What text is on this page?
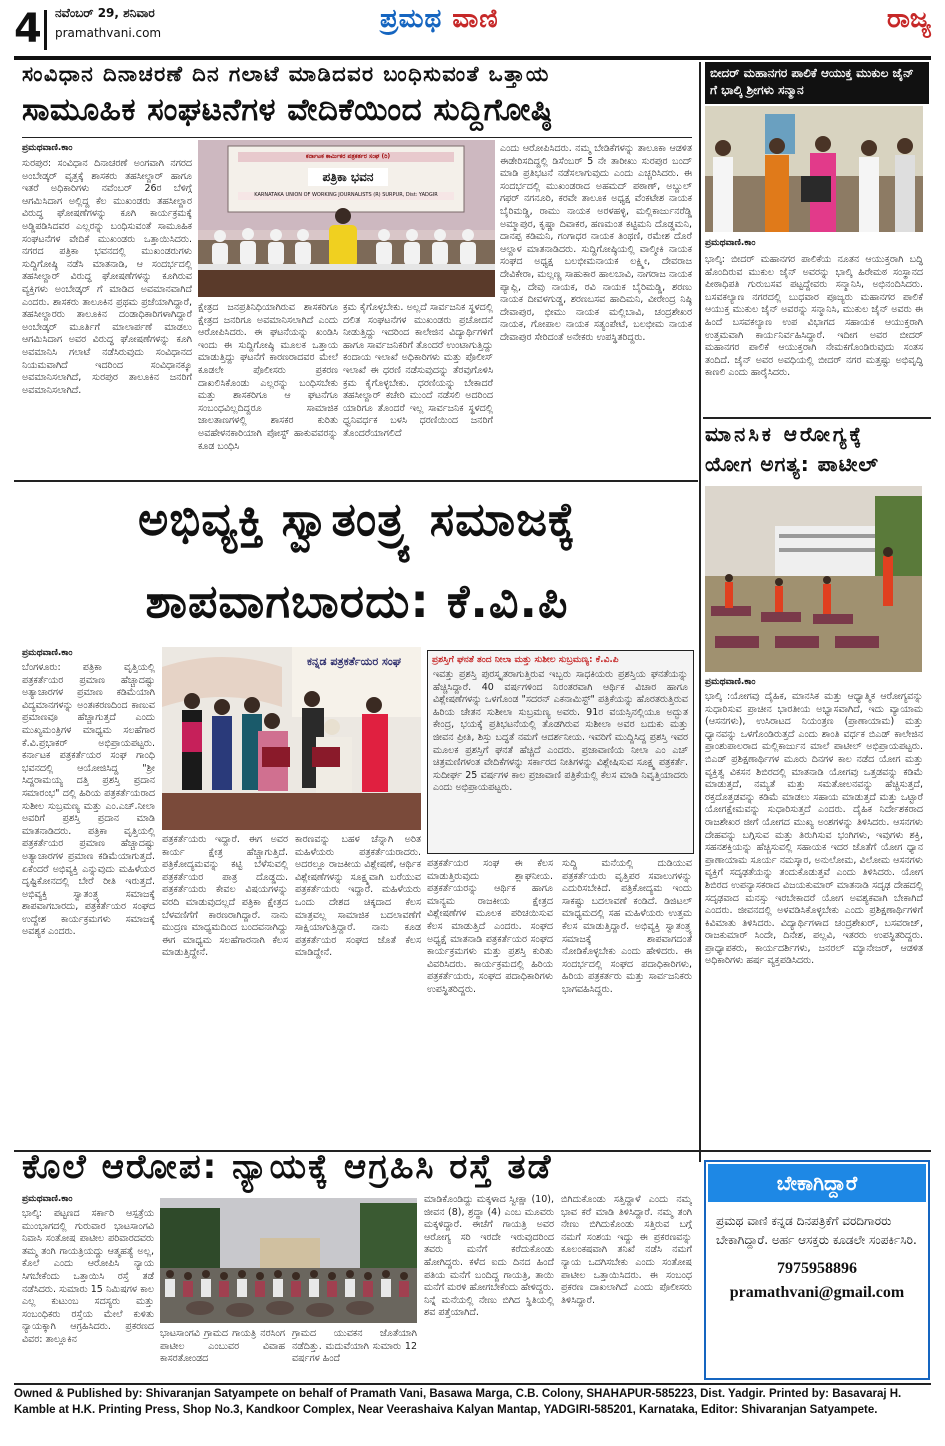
4 ನವೆಂಬರ್ 29, ಶನಿವಾರ
pramathvani.com	ಪ್ರಮಥ ವಾಣಿ	ರಾಜ್ಯ
ಸಂವಿಧಾನ ದಿನಾಚರಣೆ ದಿನ ಗಲಾಟೆ ಮಾಡಿದವರ ಬಂಧಿಸುವಂತೆ ಒತ್ತಾಯ
ಸಾಮೂಹಿಕ ಸಂಘಟನೆಗಳ ವೇದಿಕೆಯಿಂದ ಸುದ್ದಿಗೋಷ್ಠಿ
ಪ್ರಮಥವಾಣಿ.ಕಾಂ
ಕರ್ನಾಟಕ ಕಾರ್ಮಿಕರ ಪತ್ರಕರ್ತರ ಸಂಘ (ರಿ)
ಪತ್ರಿಕಾ ಭವನ
KARNATAKA UNION OF WORKING JOURNALISTS (R) SURPUR, Dist: YADGIR
ಸುರಪುರ: ಸಂವಿಧಾನ ದಿನಾಚರಣೆ ಅಂಗವಾಗಿ ನಗರದ ಅಂಬೇಡ್ಕರ್ ವೃತ್ತಕ್ಕೆ ಶಾಸಕರು ತಹಸೀಲ್ದಾರ್ ಹಾಗೂ ಇತರೆ ಅಧಿಕಾರಿಗಳು ನವೆಂಬರ್ 26ರ ಬೆಳಿಗ್ಗೆ ಆಗಮಿಸಿದಾಗ ಅಲ್ಲಿದ್ದ ಕೆಲ ಮುಖಂಡರು ತಹಸೀಲ್ದಾರ ವಿರುದ್ಧ ಘೋಷಣೆಗಳನ್ನು ಕೂಗಿ ಕಾರ್ಯಕ್ರಮಕ್ಕೆ ಅಡ್ಡಿಪಡಿಸಿದವರ ಎಲ್ಲರನ್ನು ಬಂಧಿಸುವಂತೆ ಸಾಮೂಹಿಕ ಸಂಘಟನೆಗಳ ವೇದಿಕೆ ಮುಖಂಡರು ಒತ್ತಾಯಿಸಿದರು. ನಗರದ ಪತ್ರಿಕಾ ಭವನದಲ್ಲಿ ಮುಖಂಡರುಗಳು ಸುದ್ದಿಗೋಷ್ಠಿ ನಡೆಸಿ ಮಾತನಾಡಿ, ಆ ಸಂದರ್ಭದಲ್ಲಿ ತಹಸೀಲ್ದಾರ್ ವಿರುದ್ಧ ಘೋಷಣೆಗಳನ್ನು ಕೂಗಿರುವ ವ್ಯಕ್ತಿಗಳು ಅಂಬೇಡ್ಕರ್‌ ಗೆ ಮಾಡಿದ ಅವಮಾನವಾಗಿದೆ ಎಂದರು. ಶಾಸಕರು ತಾಲೂಕಿನ ಪ್ರಥಮ ಪ್ರಜೆಯಾಗಿದ್ದಾರೆ, ತಹಸೀಲ್ದಾರರು ತಾಲೂಕಿನ ದಂಡಾಧಿಕಾರಿಗಳಾಗಿದ್ದಾರೆ ಅಂಬೇಡ್ಕರ್ ಮೂರ್ತಿಗೆ ಮಾಲಾರ್ಪಣೆ ಮಾಡಲು ಆಗಮಿಸಿದಾಗ ಅವರ ವಿರುದ್ಧ ಘೋಷಣೆಗಳನ್ನು ಕೂಗಿ ಅವಮಾನಿಸಿ ಗಲಾಟೆ ನಡೆಸಿರುವುದು ಸಂವಿಧಾನದ ನಿಯಮವಾಗಿದೆ ಇದರಿಂದ ಸಂವಿಧಾನಕ್ಕೂ ಅವಮಾನಿಸಲಾಗಿದೆ, ಸುರಪುರ ತಾಲೂಕಿನ ಜನರಿಗೆ ಅವಮಾನಿಸಲಾಗಿದೆ.
ಕ್ಷೇತ್ರದ ಜನಪ್ರತಿನಿಧಿಯಾಗಿರುವ ಶಾಸಕರಿಗೂ ಕ್ಷೇತ್ರದ ಜನರಿಗೂ ಅವಮಾನಿಸಲಾಗಿದೆ ಎಂದು ಆರೋಪಿಸಿದರು. ಈ ಘಟನೆಯನ್ನು ಖಂಡಿಸಿ ಇಂದು ಈ ಸುದ್ದಿಗೋಷ್ಠಿ ಮೂಲಕ ಒತ್ತಾಯ ಮಾಡುತ್ತಿದ್ದು ಘಟನೆಗೆ ಕಾರಣರಾದವರ ಮೇಲೆ ಕೂಡಲೇ ಪೊಲೀಸರು ಪ್ರಕರಣ ದಾಖಲಿಸಿಕೊಂಡು ಎಲ್ಲರನ್ನು ಬಂಧಿಸಬೇಕು ಮತ್ತು ಶಾಸಕರಿಗೂ ಆ ಘಟನೆಗೂ ಸಂಬಂಧವಿಲ್ಲದಿದ್ದರೂ ಸಾಮಾಜಿಕ ಜಾಲತಾಣಗಳಲ್ಲಿ ಶಾಸಕರ ಕುರಿತು ಅವಹೇಳನಕಾರಿಯಾಗಿ ಪೋಸ್ಟ್ ಹಾಕುವವರನ್ನು ಕೂಡ ಬಂಧಿಸಿ
ಕ್ರಮ ಕೈಗೊಳ್ಳಬೇಕು. ಅಲ್ಲದೆ ಸಾರ್ವಜನಿಕ ಸ್ಥಳದಲ್ಲಿ ದಲಿತ ಸಂಘಟನೆಗಳ ಮುಖಂಡರು ಪ್ರಚೋದನೆ ನೀಡುತ್ತಿದ್ದು ಇದರಿಂದ ಕಾಲೇಜಿನ ವಿದ್ಯಾರ್ಥಿಗಳಿಗೆ ಹಾಗೂ ಸಾರ್ವಜನಿಕರಿಗೆ ತೊಂದರೆ ಉಂಟಾಗುತ್ತಿದ್ದು ಕಂದಾಯ ಇಲಾಖೆ ಅಧಿಕಾರಿಗಳು ಮತ್ತು ಪೊಲೀಸ್ ಇಲಾಖೆ ಈ ಧರಣಿ ನಡೆಸುವುದನ್ನು ತೆರವುಗೊಳಿಸಿ ಕ್ರಮ ಕೈಗೊಳ್ಳಬೇಕು. ಧರಣಿಯನ್ನು ಬೇಕಾದರೆ ತಹಸೀಲ್ದಾರ್ ಕಚೇರಿ ಮುಂದೆ ನಡೆಸಲಿ ಅದರಿಂದ ಯಾರಿಗೂ ತೊಂದರೆ ಇಲ್ಲ ಸಾರ್ವಜನಿಕ ಸ್ಥಳದಲ್ಲಿ ಧ್ವನಿವರ್ಧಕ ಬಳಸಿ ಧರಣಿಯಿಂದ ಜನರಿಗೆ ತೊಂದರೆಯಾಗಲಿದೆ
ಎಂದು ಆರೋಪಿಸಿದರು. ನಮ್ಮ ಬೇಡಿಕೆಗಳನ್ನು ತಾಲೂಕಾ ಆಡಳಿತ ಈಡೇರಿಸದಿದ್ದಲ್ಲಿ ಡಿಸೆಂಬರ್ 5 ನೇ ತಾರೀಖು ಸುರಪುರ ಬಂದ್ ಮಾಡಿ ಪ್ರತಿಭಟನೆ ನಡೆಸಲಾಗುವುದು ಎಂದು ಎಚ್ಚರಿಸಿದರು. ಈ ಸಂದರ್ಭದಲ್ಲಿ ಮುಖಂಡರಾದ ಅಹಮದ್ ಪಠಾಣ್, ಅಬ್ದುಲ್ ಗಫರ್ ನಗನೂರಿ, ಕರವೇ ತಾಲೂಕ ಅಧ್ಯಕ್ಷ ವೆಂಕಟೇಶ ನಾಯಕ ಬೈರಿಮಡ್ಡಿ, ರಾಮು ನಾಯಕ ಅರಳಹಳ್ಳಿ, ಮಲ್ಲಿಕಾರ್ಜುನರೆಡ್ಡಿ ಅಮ್ಮಾಪುರ, ಕೃಷ್ಣಾ ದಿವಾಕರ, ಹಣಮಂತ ಕಟ್ಟಿಮನಿ ದೊಡ್ಡಮನಿ, ದಾನಪ್ಪ ಕಡಿಮನಿ, ಗಂಗಾಧರ ನಾಯಕ ತಿಂಥಣಿ, ರಮೇಶ ದೊರೆ ಆಲ್ದಾಳ ಮಾತನಾಡಿದರು. ಸುದ್ದಿಗೋಷ್ಠಿಯಲ್ಲಿ ವಾಲ್ಮೀಕಿ ನಾಯಕ ಸಂಘದ ಅಧ್ಯಕ್ಷ ಬಲಭೀಮನಾಯಕ ಲಕ್ಷ್ಮೀ, ದೇವರಾಜ ದೇವಿಕೇರಾ, ಮಲ್ಲಣ್ಣ ಸಾಹುಕಾರ ಹಾಲಬಾವಿ, ನಾಗರಾಜ ನಾಯಕ ಪ್ಯಾಪ್ಲಿ, ದೇವು ನಾಯಕ, ರವಿ ನಾಯಕ ಬೈರಿಮಡ್ಡಿ, ಶರಣು ನಾಯಕ ದೀವಳಗುಡ್ಡ, ಶರಣಬಸವ ಹಾದಿಮನಿ, ವೀರೇಂದ್ರ ನಿಷ್ಠಿ ದೇವಾಪುರ, ಭೀಮು ನಾಯಕ ಮಲ್ಲಿಬಾವಿ, ಚಂದ್ರಶೇಖರ ನಾಯಕ, ಗೋಪಾಲ ನಾಯಕ ಸತ್ಯಂಪೇಟೆ, ಬಲಭೀಮ ನಾಯಕ ದೇವಾಪುರ ಸೇರಿದಂತೆ ಅನೇಕರು ಉಪಸ್ಥಿತರಿದ್ದರು.
ಬೀದರ್ ಮಹಾನಗರ ಪಾಲಿಕೆ ಆಯುಕ್ತ ಮುಕುಲ ಜೈನ್ ಗೆ ಭಾಲ್ಕಿ ಶ್ರೀಗಳು ಸನ್ಮಾನ
ಪ್ರಮಥವಾಣಿ.ಕಾಂ
ಭಾಲ್ಕಿ: ಬೀದರ್ ಮಹಾನಗರ ಪಾಲಿಕೆಯ ನೂತನ ಆಯುಕ್ತರಾಗಿ ಬದ್ಧಿ ಹೊಂದಿರುವ ಮುಕುಲ ಜೈನ್ ಅವರನ್ನು ಭಾಲ್ಕಿ ಹಿರೇಮಠ ಸಂಸ್ಥಾನದ ಪೀಠಾಧಿಪತಿ ಗುರುಬಸವ ಪಟ್ಟದ್ದೇವರು ಸನ್ಮಾನಿಸಿ, ಅಭಿನಂದಿಸಿದರು. ಬಸವಕಲ್ಯಾಣ ನಗರದಲ್ಲಿ ಬುಧವಾರ ಪೂಜ್ಯರು ಮಹಾನಗರ ಪಾಲಿಕೆ ಆಯುಕ್ತ ಮುಕುಲ ಜೈನ್ ಅವರನ್ನು ಸನ್ಮಾನಿಸಿ, ಮುಕುಲ ಜೈನ್ ಅವರು ಈ ಹಿಂದೆ ಬಸವಕಲ್ಯಾಣ ಉಪ ವಿಭಾಗದ ಸಹಾಯಕ ಆಯುಕ್ತರಾಗಿ ಉತ್ತಮವಾಗಿ ಕಾರ್ಯನಿರ್ವಹಿಸಿದ್ದಾರೆ. ಇದೀಗ ಅವರ ಬೀದರ್ ಮಹಾನಗರ ಪಾಲಿಕೆ ಆಯುಕ್ತರಾಗಿ ನೇಮಕಗೊಂಡಿರುವುದು ಸಂತಸ ತಂದಿದೆ. ಜೈನ್ ಅವರ ಅವಧಿಯಲ್ಲಿ ಬೀದರ್ ನಗರ ಮತ್ತಷ್ಟು ಅಭಿವೃದ್ಧಿ ಕಾಣಲಿ ಎಂದು ಹಾರೈಸಿದರು.
ಮಾನಸಿಕ ಆರೋಗ್ಯಕ್ಕೆ
ಯೋಗ ಅಗತ್ಯ: ಪಾಟೀಲ್
ಪ್ರಮಥವಾಣಿ.ಕಾಂ
ಭಾಲ್ಕಿ :ಯೋಗವು ದೈಹಿಕ, ಮಾನಸಿಕ ಮತ್ತು ಆಧ್ಯಾತ್ಮಿಕ ಆರೋಗ್ಯವನ್ನು ಸುಧಾರಿಸುವ ಪ್ರಾಚೀನ ಭಾರತೀಯ ಅಭ್ಯಾಸವಾಗಿದೆ, ಇದು ವ್ಯಾಯಾಮ (ಆಸನಗಳು), ಉಸಿರಾಟದ ನಿಯಂತ್ರಣ (ಪ್ರಾಣಾಯಾಮ) ಮತ್ತು ಧ್ಯಾನವನ್ನು ಒಳಗೊಂಡಿರುತ್ತದೆ ಎಂದು ಶಾಂತಿ ವರ್ಧಕ ಬಿಎಡ್ ಕಾಲೇಜಿನ ಪ್ರಾಂಶುಪಾಲರಾದ ಮಲ್ಲಿಕಾರ್ಜುನ ಮಾಲೆ ಪಾಟೀಲ್ ಅಭಿಪ್ರಾಯಪಟ್ಟರು. ಬಿಎಡ್ ಪ್ರಶಿಕ್ಷಣಾರ್ಥಿಗಳ ಮೂರು ದಿನಗಳ ಕಾಲ ನಡೆದ ಯೋಗ ಮತ್ತು ವ್ಯಕ್ತಿತ್ವ ವಿಕಸನ ಶಿಬಿರದಲ್ಲಿ ಮಾತನಾಡಿ ಯೋಗವು ಒತ್ತಡವನ್ನು ಕಡಿಮೆ ಮಾಡುತ್ತದೆ, ನಮ್ಯತೆ ಮತ್ತು ಸಮತೋಲನವನ್ನು ಹೆಚ್ಚಿಸುತ್ತದೆ, ರಕ್ತದೊತ್ತಡವನ್ನು ಕಡಿಮೆ ಮಾಡಲು ಸಹಾಯ ಮಾಡುತ್ತದೆ ಮತ್ತು ಒಟ್ಟಾರೆ ಯೋಗಕ್ಷೇಮವನ್ನು ಸುಧಾರಿಸುತ್ತದೆ ಎಂದರು. ದೈಹಿಕ ನಿರ್ದೇಶಕರಾದ ರಾಜಶೇಖರ ಜೀಗೆ ಯೋಗದ ಮುಖ್ಯ ಅಂಶಗಳನ್ನು ತಿಳಿಸಿದರು. ಆಸನಗಳು ದೇಹವನ್ನು ಬಗ್ಗಿಸುವ ಮತ್ತು ತಿರುಗಿಸುವ ಭಂಗಿಗಳು, ಇವುಗಳು ಶಕ್ತಿ, ಸಹನಶಕ್ತಿಯನ್ನು ಹೆಚ್ಚಿಸುವಲ್ಲಿ ಸಹಾಯಕ ಇದರ ಜೊತೆಗೆ ಯೋಗ ಧ್ಯಾನ ಪ್ರಾಣಾಯಾಮ ಸೂರ್ಯ ನಮಸ್ಕಾರ, ಅನುಲೋಮ, ವಿಲೋಮ ಆಸನಗಳು ವ್ಯಕ್ತಿಗೆ ಸದೃಢತೆಯನ್ನು ತಂದುಕೊಡುತ್ತವೆ ಎಂದು ತಿಳಿಸಿದರು. ಯೋಗ ಶಿಬಿರದ ಉಪನ್ಯಾಸಕರಾದ ವಿಜಯಕುಮಾರ್ ಮಾತನಾಡಿ ಸದೃಢ ದೇಹದಲ್ಲಿ ಸದೃಢವಾದ ಮನಸ್ಸು ಇರಬೇಕಾದರೆ ಯೋಗ ಅವಶ್ಯಕವಾಗಿ ಬೇಕಾಗಿದೆ ಎಂದರು. ಜೀವನದಲ್ಲಿ ಅಳವಡಿಸಿಕೊಳ್ಳಬೇಕು ಎಂದು ಪ್ರಶಿಕ್ಷಣಾರ್ಥಿಗಳಿಗೆ ಕಿವಿಮಾತು ತಿಳಿಸಿದರು. ವಿದ್ಯಾರ್ಥಿಗಳಾದ ಚಂದ್ರಶೇಖರ್, ಬಸವರಾಜ್, ರಾಜಕುಮಾರ್ ಸಿಂದೇ, ದಿನೇಶ, ಪಲ್ಲವಿ, ಇತರರು ಉಪಸ್ಥಿತರಿದ್ದರು. ಪ್ರಾಧ್ಯಾಪಕರು, ಕಾರ್ಯದರ್ಶಿಗಳು, ಜನರಲ್ ಮ್ಯಾನೇಜರ್, ಆಡಳಿತ ಅಧಿಕಾರಿಗಳು ಹರ್ಷ ವ್ಯಕ್ತಪಡಿಸಿದರು.
ಅಭಿವ್ಯಕ್ತಿ ಸ್ವಾತಂತ್ರ್ಯ ಸಮಾಜಕ್ಕೆ
ಶಾಪವಾಗಬಾರದು: ಕೆ.ವಿ.ಪಿ
ಪ್ರಮಥವಾಣಿ.ಕಾಂ
ಬೆಂಗಳೂರು: ಪತ್ರಿಕಾ ವೃತ್ತಿಯಲ್ಲಿ ಪತ್ರಕರ್ತೆಯರ ಪ್ರಮಾಣ ಹೆಚ್ಚಾದಷ್ಟು ಅತ್ಯಾಚಾರಗಳ ಪ್ರಮಾಣ ಕಡಿಮೆಯಾಗಿ ವಿದ್ಯಮಾನಗಳನ್ನು ಅಂತಃಕರಣದಿಂದ ಕಾಣುವ ಪ್ರಮಾಣವೂ ಹೆಚ್ಚಾಗುತ್ತದೆ ಎಂದು ಮುಖ್ಯಮಂತ್ರಿಗಳ ಮಾಧ್ಯಮ ಸಲಹೆಗಾರ ಕೆ.ವಿ.ಪ್ರಭಾಕರ್ ಅಭಿಪ್ರಾಯಪಟ್ಟರು. ಕರ್ನಾಟಕ ಪತ್ರಕರ್ತೆಯರ ಸಂಘ ಗಾಂಧಿ ಭವನದಲ್ಲಿ ಆಯೋಜಿಸಿದ್ದ "ಶ್ರೀ ಸಿದ್ದರಾಮಯ್ಯ ದತ್ತಿ ಪ್ರಶಸ್ತಿ ಪ್ರದಾನ ಸಮಾರಂಭ" ದಲ್ಲಿ ಹಿರಿಯ ಪತ್ರಕರ್ತೆಯರಾದ ಸುಶೀಲ ಸುಬ್ರಮಣ್ಯ ಮತ್ತು ಎಂ.ಎಚ್.ನೀಲಾ ಅವರಿಗೆ ಪ್ರಶಸ್ತಿ ಪ್ರದಾನ ಮಾಡಿ ಮಾತನಾಡಿದರು. ಪತ್ರಿಕಾ ವೃತ್ತಿಯಲ್ಲಿ ಪತ್ರಕರ್ತೆಯರ ಪ್ರಮಾಣ ಹೆಚ್ಚಾದಷ್ಟು ಅತ್ಯಾಚಾರಗಳ ಪ್ರಮಾಣ ಕಡಿಮೆಯಾಗುತ್ತದೆ. ಏಕೆಂದರೆ ಅಭಿವ್ಯಕ್ತಿ ಎನ್ನುವುದು ಮಹಿಳೆಯರ ದೃಷ್ಟಿಕೋನದಲ್ಲಿ ಬೇರೆ ರೀತಿ ಇರುತ್ತದೆ. ಅಭಿವ್ಯಕ್ತಿ ಸ್ವಾತಂತ್ರ್ಯ ಸಮಾಜಕ್ಕೆ ಶಾಪವಾಗಬಾರದು, ಪತ್ರಕರ್ತೆಯರ ಸಂಘದ ಉದ್ದೇಶ ಕಾರ್ಯಕ್ರಮಗಳು ಸಮಾಜಕ್ಕೆ ಅವಶ್ಯಕ ಎಂದರು.
ಕನ್ನಡ ಪತ್ರಕರ್ತೆಯರ ಸಂಘ
ಪತ್ರಕರ್ತೆಯರು ಇದ್ದಾರೆ. ಈಗ ಅವರ ಕಾರ್ಯ ಕ್ಷೇತ್ರ ಹೆಚ್ಚಾಗುತ್ತಿದೆ. ಪತ್ರಿಕೋದ್ಯಮವನ್ನು ಕಟ್ಟಿ ಬೆಳೆಸುವಲ್ಲಿ ಪತ್ರಕರ್ತೆಯರ ಪಾತ್ರ ದೊಡ್ಡದು. ಪತ್ರಕರ್ತೆಯರು ಕೇವಲ ವಿಷಯಗಳನ್ನು ವರದಿ ಮಾಡುವುದಲ್ಲದೆ ಪತ್ರಿಕಾ ಕ್ಷೇತ್ರದ ಬೆಳವಣಿಗೆಗೆ ಕಾರಣರಾಗಿದ್ದಾರೆ. ನಾನು ಮುದ್ರಣ ಮಾಧ್ಯಮದಿಂದ ಬಂದವನಾಗಿದ್ದು ಈಗ ಮಾಧ್ಯಮ ಸಲಹೆಗಾರನಾಗಿ ಕೆಲಸ ಮಾಡುತ್ತಿದ್ದೇನೆ.
ಕಾರಣವನ್ನು ಬಹಳ ಚೆನ್ನಾಗಿ ಅರಿತ ಮಹಿಳೆಯರು ಪತ್ರಕರ್ತೆಯರಾದರು. ಅದರಲ್ಲೂ ರಾಜಕೀಯ ವಿಶ್ಲೇಷಣೆ, ಆರ್ಥಿಕ ವಿಶ್ಲೇಷಣೆಗಳನ್ನು ಸೂಕ್ಷ್ಮವಾಗಿ ಬರೆಯುವ ಪತ್ರಕರ್ತೆಯರು ಇದ್ದಾರೆ. ಮಹಿಳೆಯರು ಒಂದು ದೇಶದ ಚಿಕ್ಕದಾದ ಕೆಲಸ ಮಾತ್ರವಲ್ಲ ಸಾಮಾಜಿಕ ಬದಲಾವಣೆಗೆ ಸಾಕ್ಷಿಯಾಗುತ್ತಿದ್ದಾರೆ. ನಾನು ಕೂಡ ಪತ್ರಕರ್ತೆಯರ ಸಂಘದ ಜೊತೆ ಕೆಲಸ ಮಾಡಿದ್ದೇನೆ.
ಪ್ರಶಸ್ತಿಗೆ ಘನತೆ ತಂದ ನೀಲಾ ಮತ್ತು ಸುಶೀಲ ಸುಬ್ರಮಣ್ಯ: ಕೆ.ವಿ.ಪಿ
ಇವತ್ತು ಪ್ರಶಸ್ತಿ ಪುರಸ್ಕೃತರಾಗುತ್ತಿರುವ ಇಬ್ಬರು ಸಾಧಕಿಯರು ಪ್ರಶಸ್ತಿಯ ಘನತೆಯನ್ನು ಹೆಚ್ಚಿಸಿದ್ದಾರೆ. 40 ವರ್ಷಗಳಿಂದ ನಿರಂತರವಾಗಿ ಆರ್ಥಿಕ ವಿಚಾರ ಹಾಗೂ ವಿಶ್ಲೇಷಣೆಗಳನ್ನು ಒಳಗೊಂಡ "ಸದರನ್ ಎಕನಾಮಿಸ್ಟ್" ಪತ್ರಿಕೆಯನ್ನು ಹೊರತರುತ್ತಿರುವ ಹಿರಿಯ ಚೇತನ ಸುಶೀಲಾ ಸುಬ್ರಮಣ್ಯ ಅವರು. 91ರ ವಯಸ್ಸಿನಲ್ಲಿಯೂ ಅದ್ಭುತ ಕೇಂದ್ರ, ಭಯಕ್ಕೆ ಪ್ರತಿಭಟನೆಯಲ್ಲಿ ತೊಡಗಿರುವ ಸುಶೀಲಾ ಅವರ ಬದುಕು ಮತ್ತು ಜೀವನ ಪ್ರೀತಿ, ಶಿಸ್ತು ಬದ್ಧತೆ ನಮಗೆ ಆದರ್ಶನೀಯ. ಇವರಿಗೆ ಮುದ್ದಿಸಿದ್ದ ಪ್ರಶಸ್ತಿ ಇವರ ಮೂಲಕ ಪ್ರಶಸ್ತಿಗೆ ಘನತೆ ಹೆಚ್ಚಿದೆ ಎಂದರು. ಪ್ರಜಾವಾಣಿಯ ನೀಲಾ ಎಂ ಎಚ್ ಚಿತ್ರಮಣಿಗಳಂತ ವೇದಿಕೆಗಳನ್ನು ಸರ್ಕಾರದ ನೀತಿಗಳನ್ನು ವಿಶ್ಲೇಷಿಸುವ ಸೂಕ್ಷ್ಮ ಪತ್ರಕರ್ತೆ. ಸುದೀರ್ಘ 25 ವರ್ಷಗಳ ಕಾಲ ಪ್ರಜಾವಾಣಿ ಪತ್ರಿಕೆಯಲ್ಲಿ ಕೆಲಸ ಮಾಡಿ ನಿವೃತ್ತಿಯಾದರು ಎಂದು ಅಭಿಪ್ರಾಯಪಟ್ಟರು.
ಪತ್ರಕರ್ತೆಯರ ಸಂಘ ಈ ಕೆಲಸ ಮಾಡುತ್ತಿರುವುದು ಶ್ಲಾಘನೀಯ. ಪತ್ರಕರ್ತೆಯರನ್ನು ಆರ್ಥಿಕ ಹಾಗೂ ಮಾನ್ಯಮ ರಾಜಕೀಯ ಕ್ಷೇತ್ರದ ವಿಶ್ಲೇಷಣೆಗಳ ಮೂಲಕ ಪರಿಚಯಿಸುವ ಕೆಲಸ ಮಾಡುತ್ತಿದೆ ಎಂದರು. ಸಂಘದ ಅಧ್ಯಕ್ಷೆ ಮಾತನಾಡಿ ಪತ್ರಕರ್ತೆಯರ ಸಂಘದ ಕಾರ್ಯಕ್ರಮಗಳು ಮತ್ತು ಪ್ರಶಸ್ತಿ ಕುರಿತು ವಿವರಿಸಿದರು. ಕಾರ್ಯಕ್ರಮದಲ್ಲಿ ಹಿರಿಯ ಪತ್ರಕರ್ತೆಯರು, ಸಂಘದ ಪದಾಧಿಕಾರಿಗಳು ಉಪಸ್ಥಿತರಿದ್ದರು.
ಸುದ್ದಿ ಮನೆಯಲ್ಲಿ ದುಡಿಯುವ ಪತ್ರಕರ್ತೆಯರು ವೃತ್ತಿಪರ ಸವಾಲುಗಳನ್ನು ಎದುರಿಸಬೇಕಿದೆ. ಪತ್ರಿಕೋದ್ಯಮ ಇಂದು ಸಾಕಷ್ಟು ಬದಲಾವಣೆ ಕಂಡಿದೆ. ಡಿಜಿಟಲ್ ಮಾಧ್ಯಮದಲ್ಲಿ ಸಹ ಮಹಿಳೆಯರು ಉತ್ತಮ ಕೆಲಸ ಮಾಡುತ್ತಿದ್ದಾರೆ. ಅಭಿವ್ಯಕ್ತಿ ಸ್ವಾತಂತ್ರ್ಯ ಸಮಾಜಕ್ಕೆ ಶಾಪವಾಗದಂತೆ ನೋಡಿಕೊಳ್ಳಬೇಕು ಎಂದು ಹೇಳಿದರು. ಈ ಸಂದರ್ಭದಲ್ಲಿ ಸಂಘದ ಪದಾಧಿಕಾರಿಗಳು, ಹಿರಿಯ ಪತ್ರಕರ್ತರು ಮತ್ತು ಸಾರ್ವಜನಿಕರು ಭಾಗವಹಿಸಿದ್ದರು.
ಕೊಲೆ ಆರೋಪ: ನ್ಯಾಯಕ್ಕೆ ಆಗ್ರಹಿಸಿ ರಸ್ತೆ ತಡೆ
ಪ್ರಮಥವಾಣಿ.ಕಾಂ
ಭಾಲ್ಕಿ: ಪಟ್ಟಣದ ಸರ್ಕಾರಿ ಆಸ್ಪತ್ರೆಯ ಮುಂಭಾಗದಲ್ಲಿ ಗುರುವಾರ ಭಾಟಸಾಂಗವಿ ನಿವಾಸಿ ಸಂತೋಷ ಪಾಟೀಲ ಪರಿವಾರದವರು ತಮ್ಮ ತಂಗಿ ಗಾಯತ್ರಿಯದ್ದು ಆತ್ಮಹತ್ಯೆ ಅಲ್ಲ, ಕೊಲೆ ಎಂದು ಆರೋಪಿಸಿ ನ್ಯಾಯ ಸಿಗಬೇಕೆಂದು ಒತ್ತಾಯಿಸಿ ರಸ್ತೆ ತಡೆ ನಡೆಸಿದರು. ಸುಮಾರು 15 ನಿಮಿಷಗಳ ಕಾಲ ಎಲ್ಲ ಕುಟುಂಬ ಸದಸ್ಯರು ಮತ್ತು ಸಂಬಂಧಿಕರು ರಸ್ತೆಯ ಮೇಲೆ ಕುಳಿತು ನ್ಯಾಯಕ್ಕಾಗಿ ಆಗ್ರಹಿಸಿದರು. ಪ್ರಕರಣದ ವಿವರ: ತಾಲ್ಲೂಕಿನ
ಭಾಟಸಾಂಗವಿ ಗ್ರಾಮದ ಗಾಯತ್ರಿ ನರಸಿಂಗ ಪಾಟೀಲ ಎಂಬುವರ ವಿವಾಹ ಕಾಸರತೋಂಡದ
ಗ್ರಾಮದ ಯುವಕನ ಜೊತೆಯಾಗಿ ನಡೆದಿತ್ತು. ಮದುವೆಯಾಗಿ ಸುಮಾರು 12 ವರ್ಷಗಳ ಹಿಂದೆ
ಮಾಡಿಕೊಂಡಿದ್ದು ಮಕ್ಕಳಾದ ಸ್ವೀಕ್ಷಾ (10), ಜೀವನ (8), ಶ್ರದ್ಧಾ (4) ಎಂಬ ಮೂವರು ಮಕ್ಕಳಿದ್ದಾರೆ. ಈಚೆಗೆ ಗಾಯತ್ರಿ ಅವರ ಆರೋಗ್ಯ ಸರಿ ಇರದೇ ಇರುವುದರಿಂದ ತವರು ಮನೆಗೆ ಕರೆದುಕೊಂಡು ಹೋಗಿದ್ದರು. ಕಳೆದ ಐದು ದಿನದ ಹಿಂದೆ ಪತಿಯ ಮನೆಗೆ ಬಂದಿದ್ದ ಗಾಯತ್ರಿ, ತಾಯಿ ಮನೆಗೆ ಮರಳಿ ಹೋಗಬೇಕೆಂದು ಹೇಳಿದ್ದರು. ನಿನ್ನೆ ಮನೆಯಲ್ಲಿ ನೇಣು ಬಿಗಿದ ಸ್ಥಿತಿಯಲ್ಲಿ ಶವ ಪತ್ತೆಯಾಗಿದೆ.
ಬಿಗಿದುಕೊಂಡು ಸತ್ತಿದ್ದಾಳೆ ಎಂದು ನಮ್ಮ ಭಾವ ಕರೆ ಮಾಡಿ ತಿಳಿಸಿದ್ದಾರೆ. ನಮ್ಮ ತಂಗಿ ನೇಣು ಬಿಗಿದುಕೊಂಡು ಸತ್ತಿರುವ ಬಗ್ಗೆ ನಮಗೆ ಸಂಶಯ ಇದ್ದು ಈ ಪ್ರಕರಣವನ್ನು ಕೂಲಂಕಷವಾಗಿ ತನಿಖೆ ನಡೆಸಿ ನಮಗೆ ನ್ಯಾಯ ಒದಗಿಸಬೇಕು ಎಂದು ಸಂತೋಷ ಪಾಟೀಲ ಒತ್ತಾಯಿಸಿದರು. ಈ ಸಂಬಂಧ ಪ್ರಕರಣ ದಾಖಲಾಗಿದೆ ಎಂದು ಪೊಲೀಸರು ತಿಳಿಸಿದ್ದಾರೆ.
ಬೇಕಾಗಿದ್ದಾರೆ
ಪ್ರಮಥ ವಾಣಿ ಕನ್ನಡ ದಿನಪತ್ರಿಕೆಗೆ ವರದಿಗಾರರು ಬೇಕಾಗಿದ್ದಾರೆ. ಅರ್ಹ ಆಸಕ್ತರು ಕೂಡಲೇ ಸಂಪರ್ಕಿಸಿರಿ.
7975958896
pramathvani@gmail.com
Owned & Published by: Shivaranjan Satyampete on behalf of Pramath Vani, Basawa Marga, C.B. Colony, SHAHAPUR-585223, Dist. Yadgir. Printed by: Basavaraj H. Kamble at H.K. Printing Press, Shop No.3, Kandkoor Complex, Near Veerashaiva Kalyan Mantap, YADGIRI-585201, Karnataka, Editor: Shivaranjan Satyampete.
